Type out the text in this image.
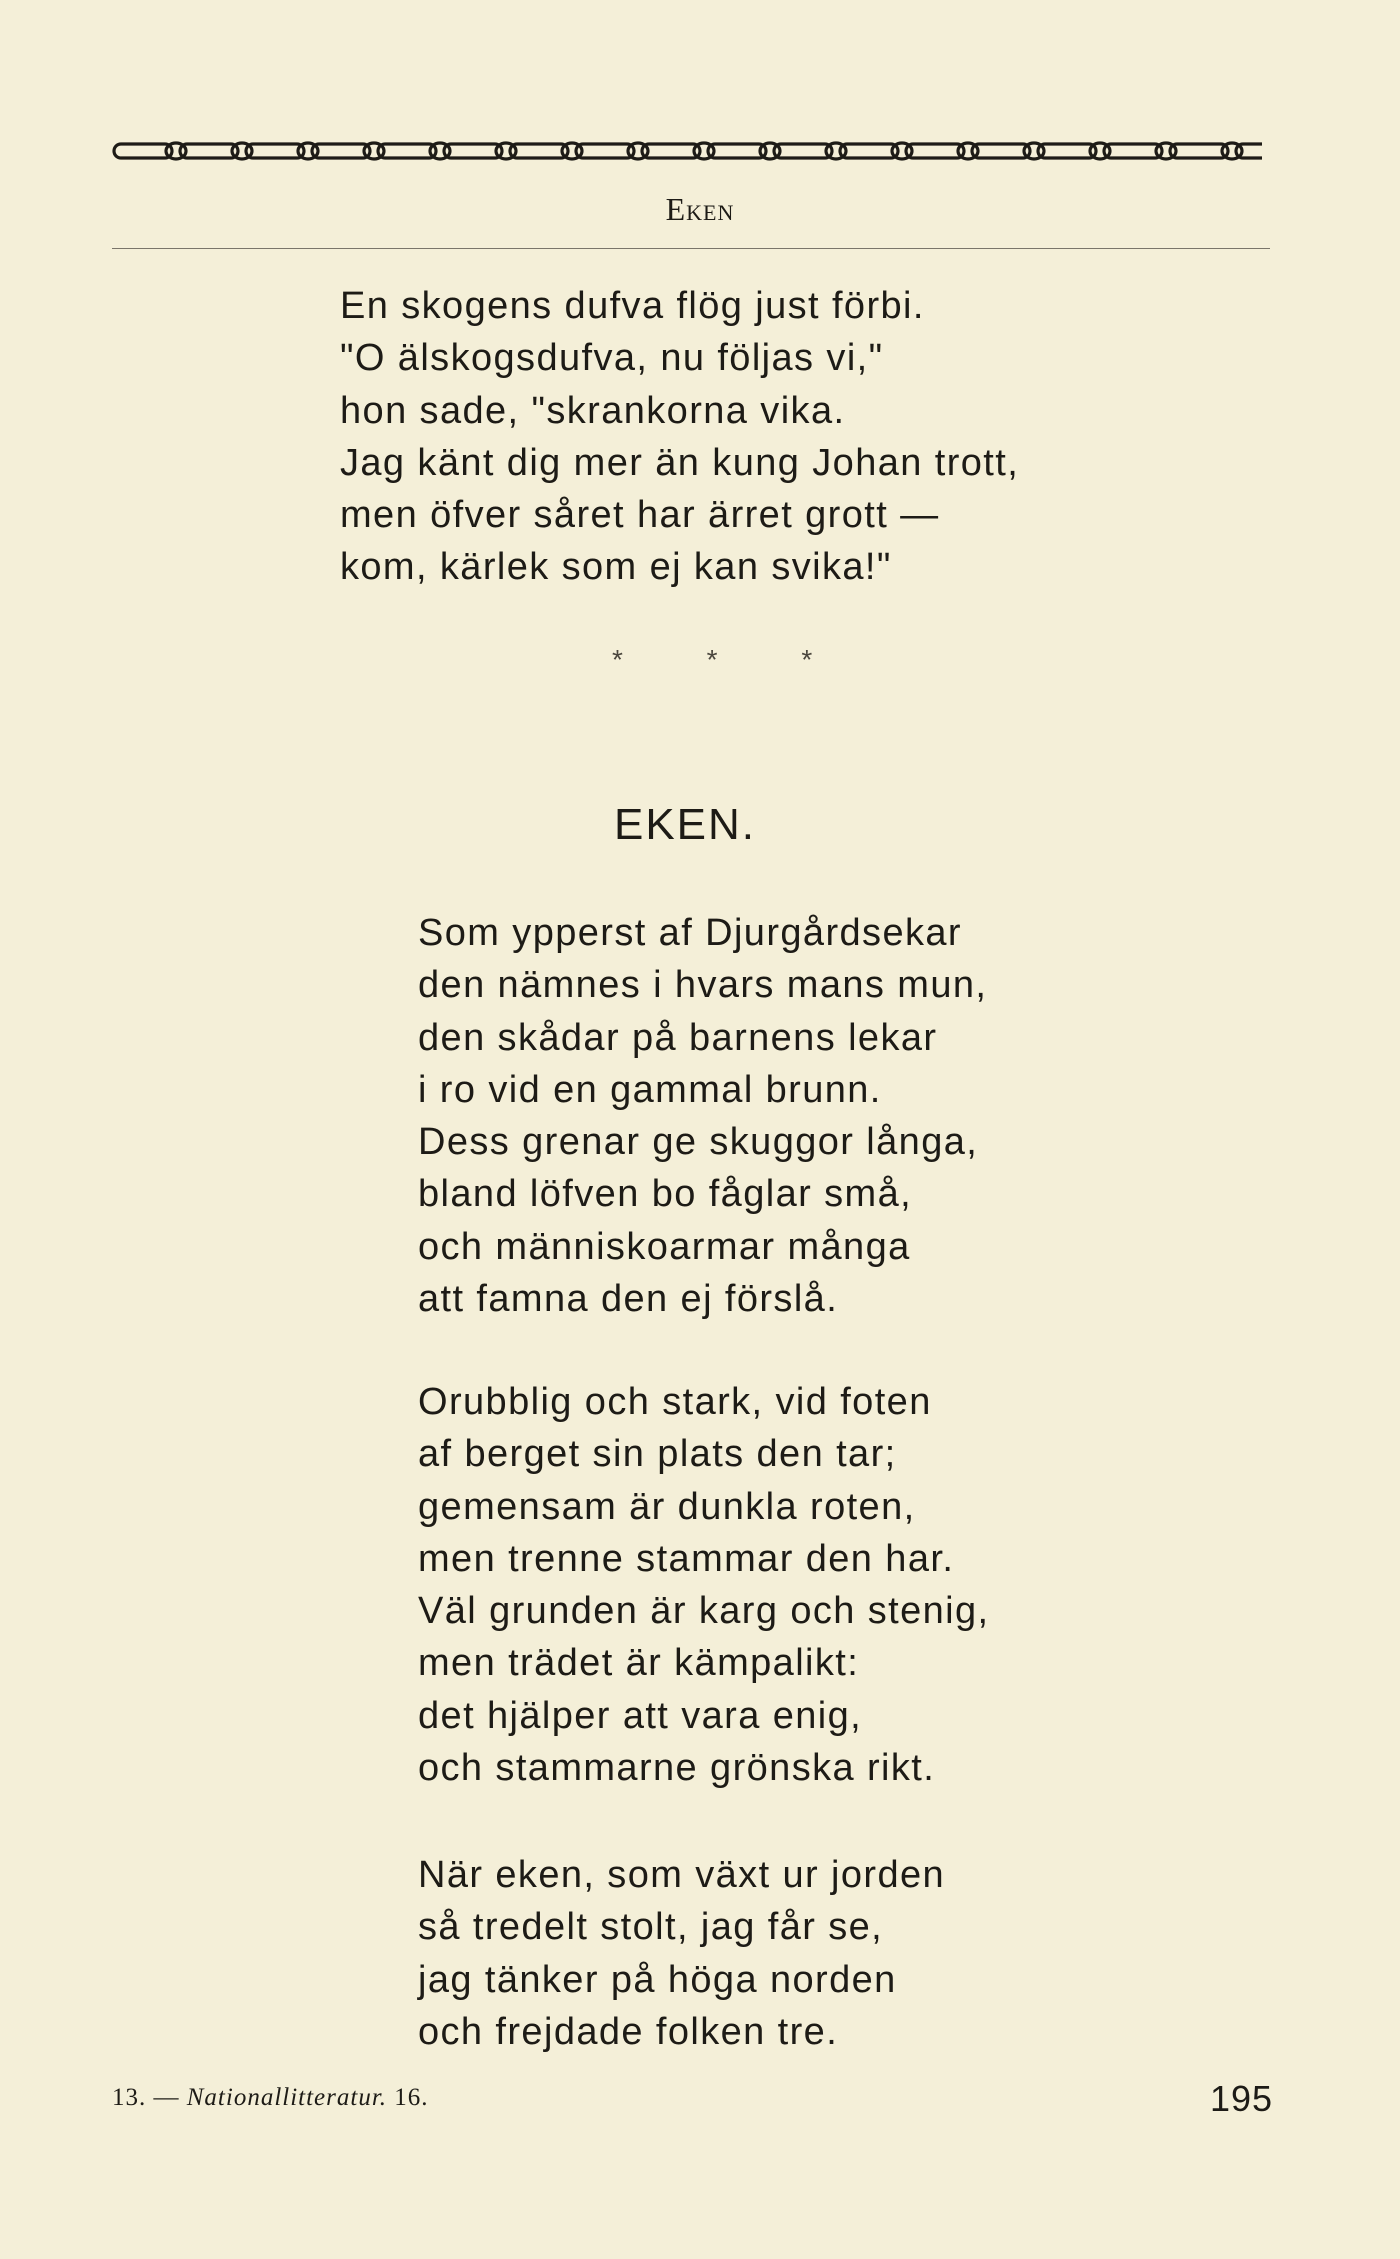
Eken
En skogens dufva flög just förbi.
"O älskogsdufva, nu följas vi,"
hon sade, "skrankorna vika.
Jag känt dig mer än kung Johan trott,
men öfver såret har ärret grott —
kom, kärlek som ej kan svika!"
* * *
EKEN.
Som ypperst af Djurgårdsekar
den nämnes i hvars mans mun,
den skådar på barnens lekar
i ro vid en gammal brunn.
Dess grenar ge skuggor långa,
bland löfven bo fåglar små,
och människoarmar många
att famna den ej förslå.
Orubblig och stark, vid foten
af berget sin plats den tar;
gemensam är dunkla roten,
men trenne stammar den har.
Väl grunden är karg och stenig,
men trädet är kämpalikt:
det hjälper att vara enig,
och stammarne grönska rikt.
När eken, som växt ur jorden
så tredelt stolt, jag får se,
jag tänker på höga norden
och frejdade folken tre.
13. — Nationallitteratur. 16.	195
